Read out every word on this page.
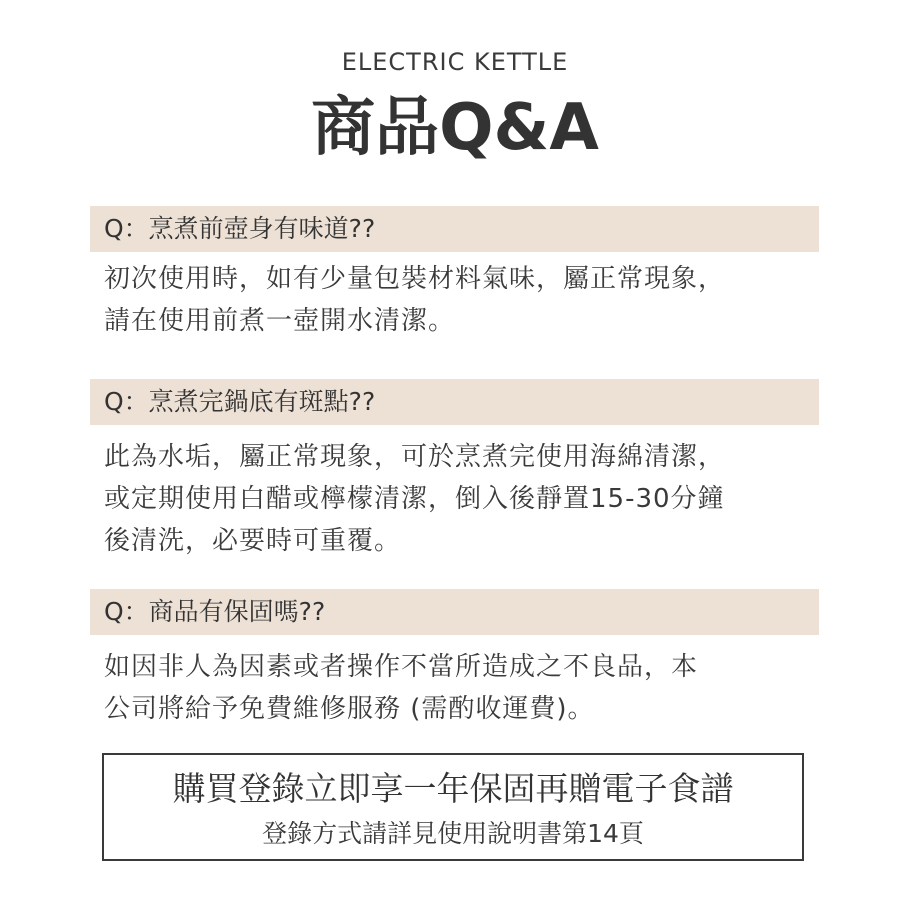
ELECTRIC KETTLE
商品Q&A
Q：烹煮前壺身有味道??
初次使用時，如有少量包裝材料氣味，屬正常現象，
請在使用前煮一壺開水清潔。
Q：烹煮完鍋底有斑點??
此為水垢，屬正常現象，可於烹煮完使用海綿清潔，
或定期使用白醋或檸檬清潔，倒入後靜置15-30分鐘
後清洗，必要時可重覆。
Q：商品有保固嗎??
如因非人為因素或者操作不當所造成之不良品，本
公司將給予免費維修服務 (需酌收運費)。
購買登錄立即享一年保固再贈電子食譜
登錄方式請詳見使用說明書第14頁
